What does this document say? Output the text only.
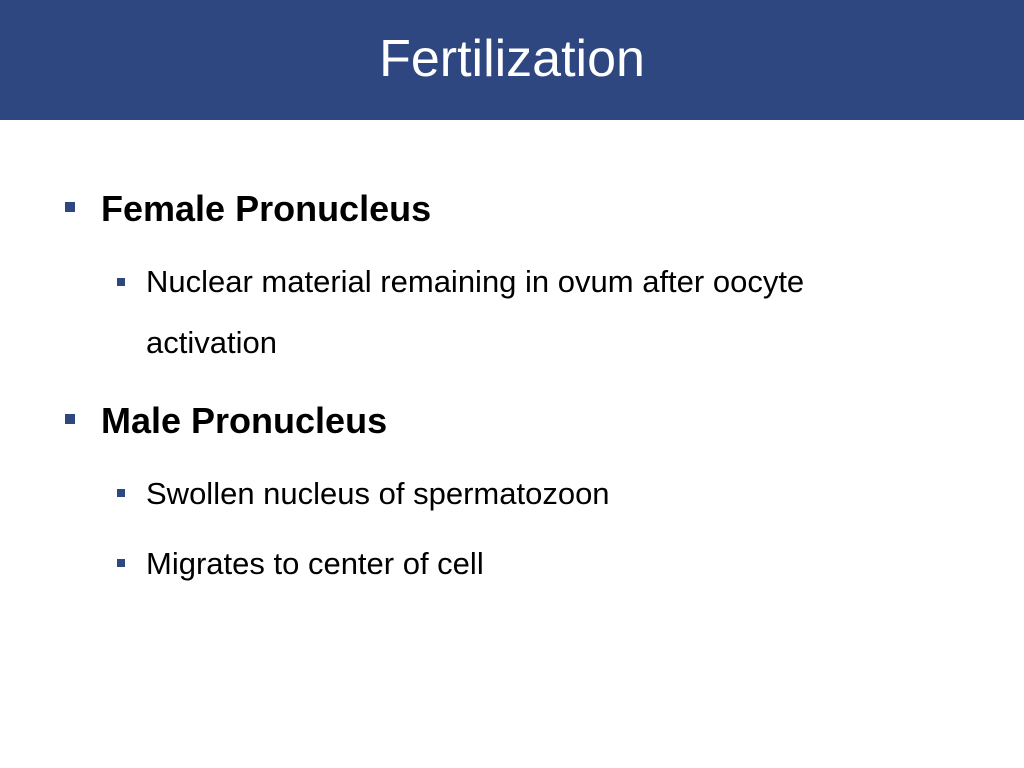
Fertilization
Female Pronucleus
Nuclear material remaining in ovum after oocyte
activation
Male Pronucleus
Swollen nucleus of spermatozoon
Migrates to center of cell
